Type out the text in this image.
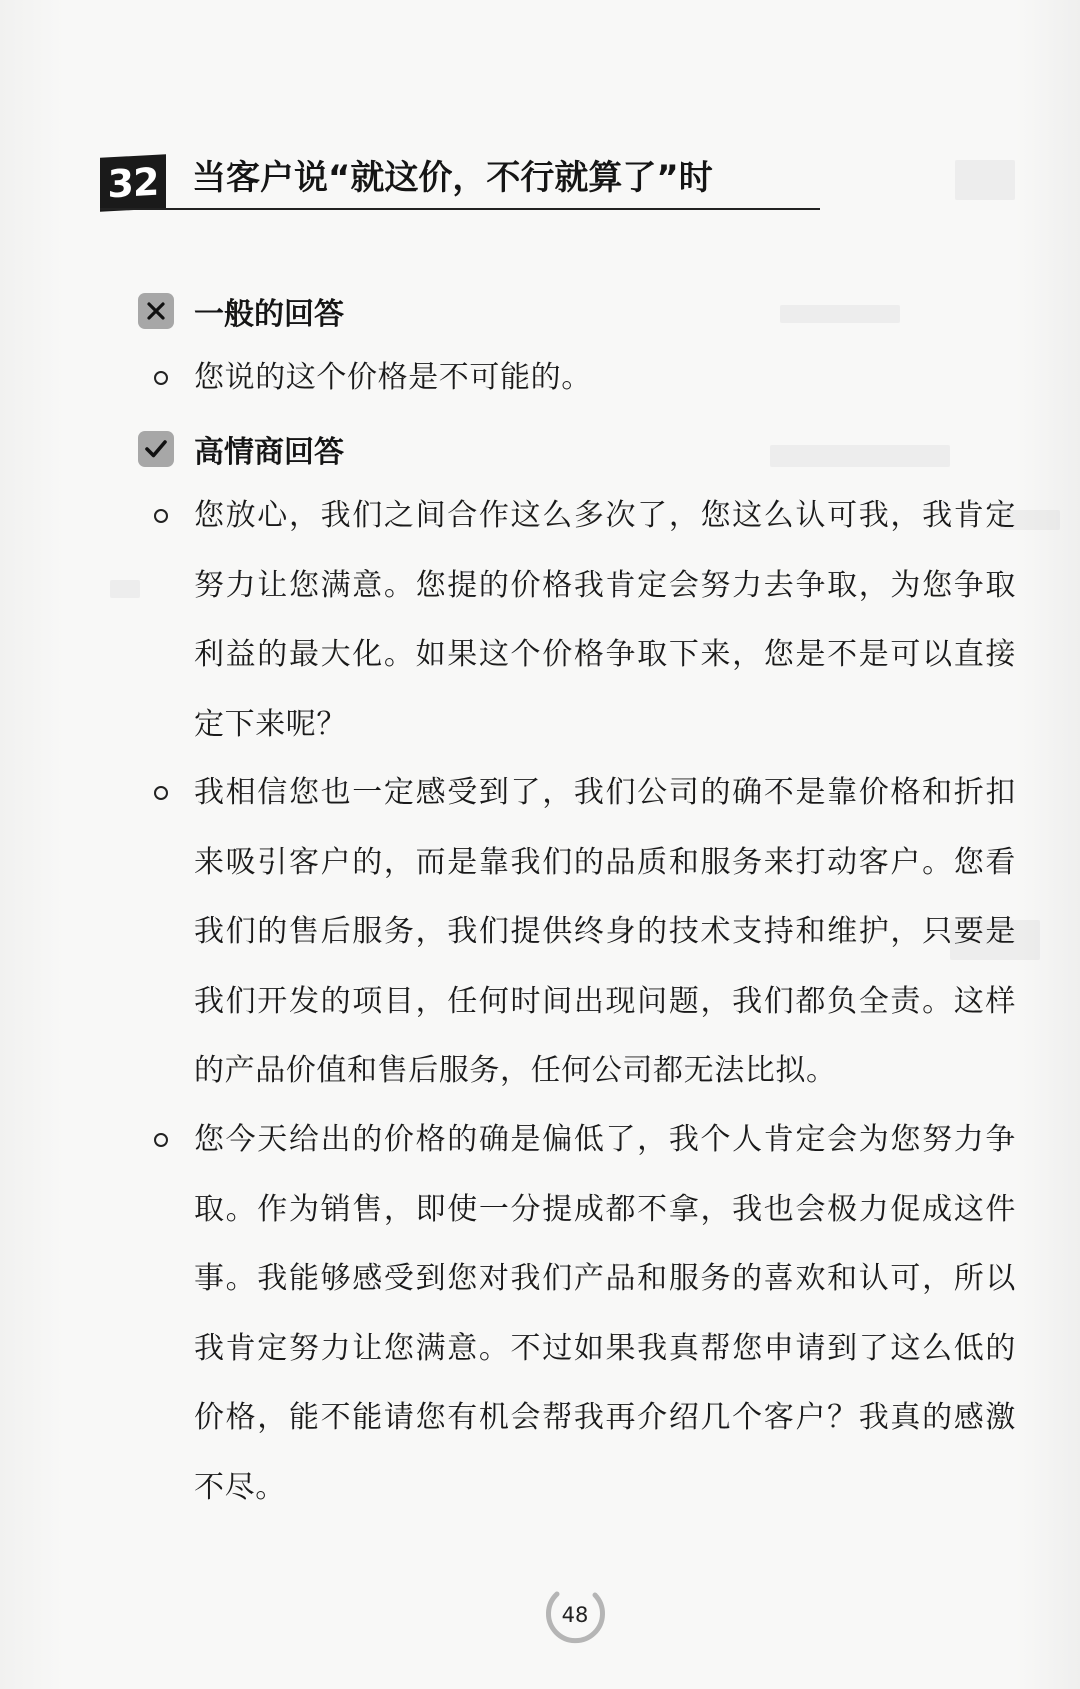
32 当客户说“就这价，不行就算了”时
一般的回答
您说的这个价格是不可能的。
高情商回答
您放心，我们之间合作这么多次了，您这么认可我，我肯定努力让您满意。您提的价格我肯定会努力去争取，为您争取利益的最大化。如果这个价格争取下来，您是不是可以直接定下来呢？
我相信您也一定感受到了，我们公司的确不是靠价格和折扣来吸引客户的，而是靠我们的品质和服务来打动客户。您看我们的售后服务，我们提供终身的技术支持和维护，只要是我们开发的项目，任何时间出现问题，我们都负全责。这样的产品价值和售后服务，任何公司都无法比拟。
您今天给出的价格的确是偏低了，我个人肯定会为您努力争取。作为销售，即使一分提成都不拿，我也会极力促成这件事。我能够感受到您对我们产品和服务的喜欢和认可，所以我肯定努力让您满意。不过如果我真帮您申请到了这么低的价格，能不能请您有机会帮我再介绍几个客户？我真的感激不尽。
48
